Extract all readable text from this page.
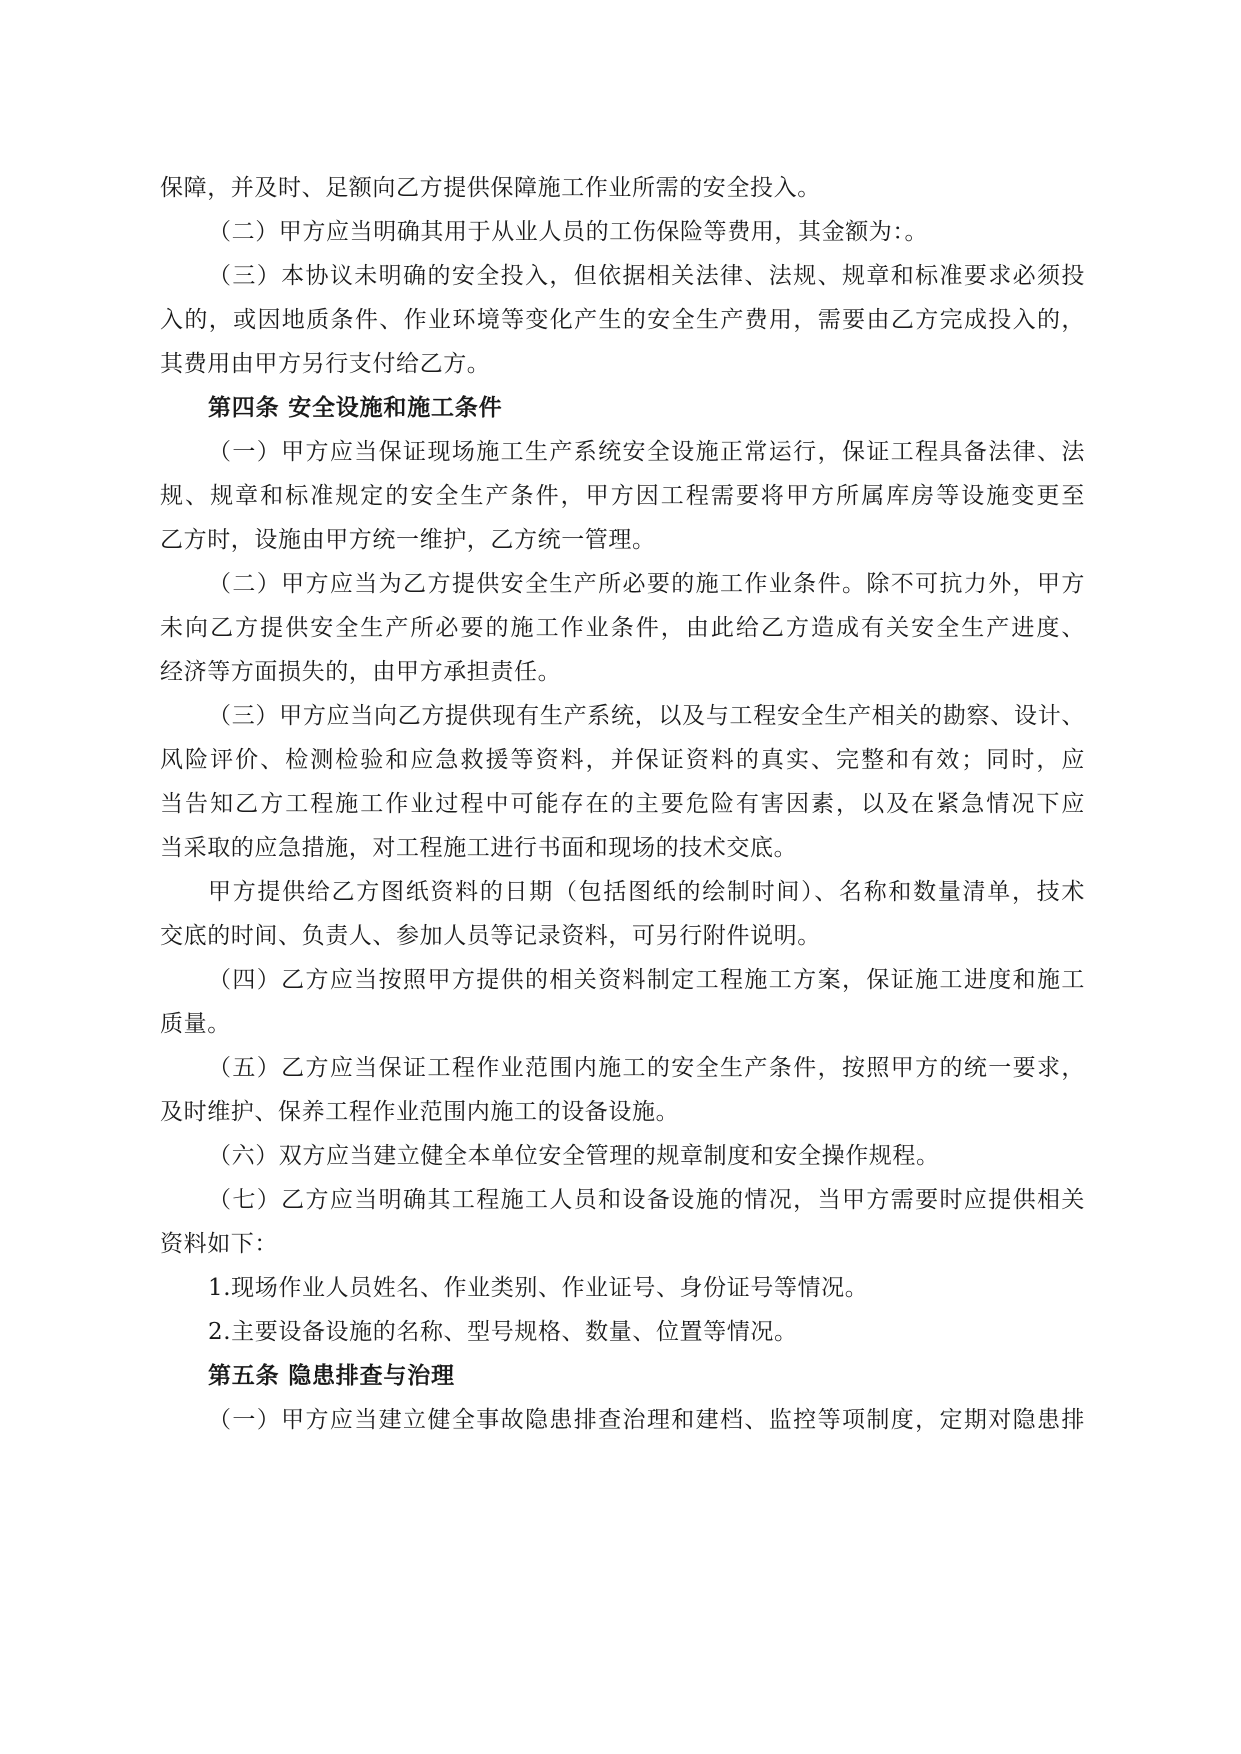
保障，并及时、足额向乙方提供保障施工作业所需的安全投入。
（二）甲方应当明确其用于从业人员的工伤保险等费用，其金额为：。
（三）本协议未明确的安全投入，但依据相关法律、法规、规章和标准要求必须投
入的，或因地质条件、作业环境等变化产生的安全生产费用，需要由乙方完成投入的，
其费用由甲方另行支付给乙方。
第四条 安全设施和施工条件
（一）甲方应当保证现场施工生产系统安全设施正常运行，保证工程具备法律、法
规、规章和标准规定的安全生产条件，甲方因工程需要将甲方所属库房等设施变更至
乙方时，设施由甲方统一维护，乙方统一管理。
（二）甲方应当为乙方提供安全生产所必要的施工作业条件。除不可抗力外，甲方
未向乙方提供安全生产所必要的施工作业条件，由此给乙方造成有关安全生产进度、
经济等方面损失的，由甲方承担责任。
（三）甲方应当向乙方提供现有生产系统，以及与工程安全生产相关的勘察、设计、
风险评价、检测检验和应急救援等资料，并保证资料的真实、完整和有效；同时，应
当告知乙方工程施工作业过程中可能存在的主要危险有害因素，以及在紧急情况下应
当采取的应急措施，对工程施工进行书面和现场的技术交底。
甲方提供给乙方图纸资料的日期（包括图纸的绘制时间）、名称和数量清单，技术
交底的时间、负责人、参加人员等记录资料，可另行附件说明。
（四）乙方应当按照甲方提供的相关资料制定工程施工方案，保证施工进度和施工
质量。
（五）乙方应当保证工程作业范围内施工的安全生产条件，按照甲方的统一要求，
及时维护、保养工程作业范围内施工的设备设施。
（六）双方应当建立健全本单位安全管理的规章制度和安全操作规程。
（七）乙方应当明确其工程施工人员和设备设施的情况，当甲方需要时应提供相关
资料如下：
1.现场作业人员姓名、作业类别、作业证号、身份证号等情况。
2.主要设备设施的名称、型号规格、数量、位置等情况。
第五条 隐患排查与治理
（一）甲方应当建立健全事故隐患排查治理和建档、监控等项制度，定期对隐患排
